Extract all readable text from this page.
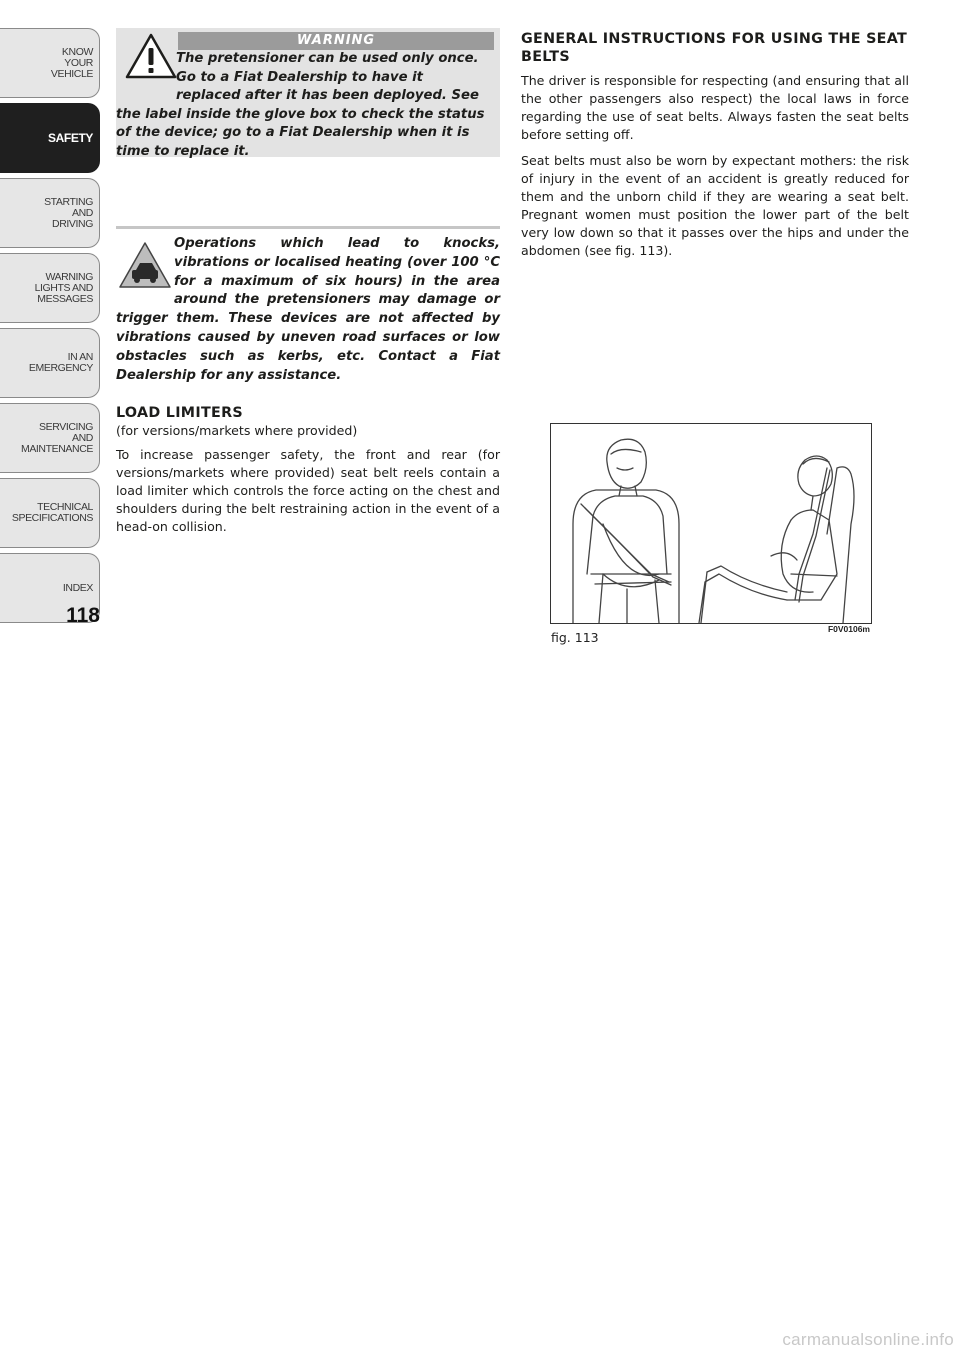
KNOW
YOUR
VEHICLE
SAFETY
STARTING
AND
DRIVING
WARNING
LIGHTS AND
MESSAGES
IN AN
EMERGENCY
SERVICING
AND
MAINTENANCE
TECHNICAL
SPECIFICATIONS
INDEX
118
WARNING
The pretensioner can be used only once. Go to a Fiat Dealership to have it replaced after it has been deployed. See the label inside the glove box to check the status of the device; go to a Fiat Dealership when it is time to replace it.
Operations which lead to knocks, vibrations or localised heating (over 100 °C for a maximum of six hours) in the area around the pretensioners may damage or trigger them. These devices are not affected by vibrations caused by uneven road surfaces or low obstacles such as kerbs, etc. Contact a Fiat Dealership for any assistance.
LOAD LIMITERS

(for versions/markets where provided)

To increase passenger safety, the front and rear (for versions/markets where provided) seat belt reels contain a load limiter which controls the force acting on the chest and shoulders during the belt restraining action in the event of a head-on collision.

GENERAL INSTRUCTIONS FOR USING THE SEAT BELTS

The driver is responsible for respecting (and ensuring that all the other passengers also respect) the local laws in force regarding the use of seat belts. Always fasten the seat belts before setting off.

Seat belts must also be worn by expectant mothers: the risk of injury in the event of an accident is greatly reduced for them and the unborn child if they are wearing a seat belt. Pregnant women must position the lower part of the belt very low down so that it passes over the hips and under the abdomen (see fig. 113).

fig. 113
F0V0106m
carmanualsonline.info
